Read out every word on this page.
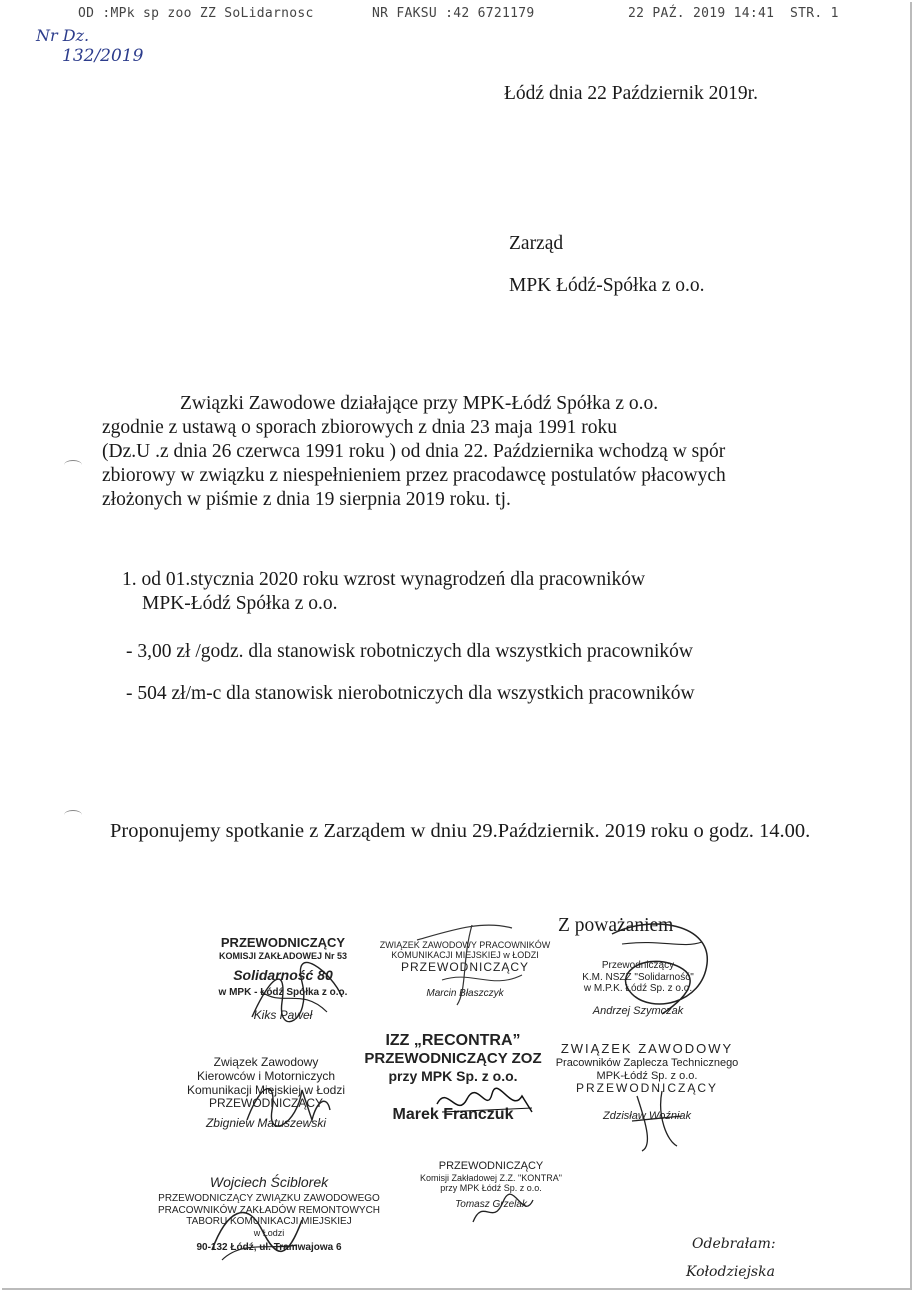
OD :MPk sp zoo ZZ SoLidarnosc	NR FAKSU :42 6721179	22 PAŹ. 2019 14:41 STR. 1
Nr Dz.
132/2019
Łódź dnia 22 Październik 2019r.
Zarząd
MPK Łódź-Spółka z o.o.
Związki Zawodowe działające przy MPK-Łódź Spółka z o.o.
zgodnie z ustawą o sporach zbiorowych z dnia 23 maja 1991 roku
(Dz.U .z dnia 26 czerwca 1991 roku ) od dnia 22. Października wchodzą w spór
zbiorowy w związku z niespełnieniem przez pracodawcę postulatów płacowych
złożonych w piśmie z dnia 19 sierpnia 2019 roku. tj.
1. od 01.stycznia 2020 roku wzrost wynagrodzeń dla pracowników
MPK-Łódź Spółka z o.o.
- 3,00 zł /godz. dla stanowisk robotniczych dla wszystkich pracowników
- 504 zł/m-c dla stanowisk nierobotniczych dla wszystkich pracowników
Proponujemy spotkanie z Zarządem w dniu 29.Październik. 2019 roku o godz. 14.00.
Z poważaniem
PRZEWODNICZĄCY
KOMISJI ZAKŁADOWEJ Nr 53
Solidarność 80
w MPK - Łódź Spółka z o.o.
Kiks Paweł
ZWIĄZEK ZAWODOWY PRACOWNIKÓW
KOMUNIKACJI MIEJSKIEJ w ŁODZI
PRZEWODNICZĄCY
Marcin Błaszczyk
Przewodniczący
K.M. NSZZ "Solidarność"
w M.P.K. Łódź Sp. z o.o.
Andrzej Szymczak
Związek Zawodowy
Kierowców i Motorniczych
Komunikacji Miejskiej w Łodzi
PRZEWODNICZĄCY
Zbigniew Matuszewski
IZZ „RECONTRA”
PRZEWODNICZĄCY ZOZ
przy MPK Sp. z o.o.
Marek Franczuk
ZWIĄZEK ZAWODOWY
Pracowników Zaplecza Technicznego
MPK-Łódź Sp. z o.o.
PRZEWODNICZĄCY
Zdzisław Woźniak
Wojciech Ściblorek
PRZEWODNICZĄCY ZWIĄZKU ZAWODOWEGO
PRACOWNIKÓW ZAKŁADÓW REMONTOWYCH
TABORU KOMUNIKACJI MIEJSKIEJ
w Łodzi
90-132 Łódź, ul. Tramwajowa 6
PRZEWODNICZĄCY
Komisji Zakładowej Z.Z. "KONTRA"
przy MPK Łódź Sp. z o.o.
Tomasz Grzelak
Odebrałam:
Kołodziejska
